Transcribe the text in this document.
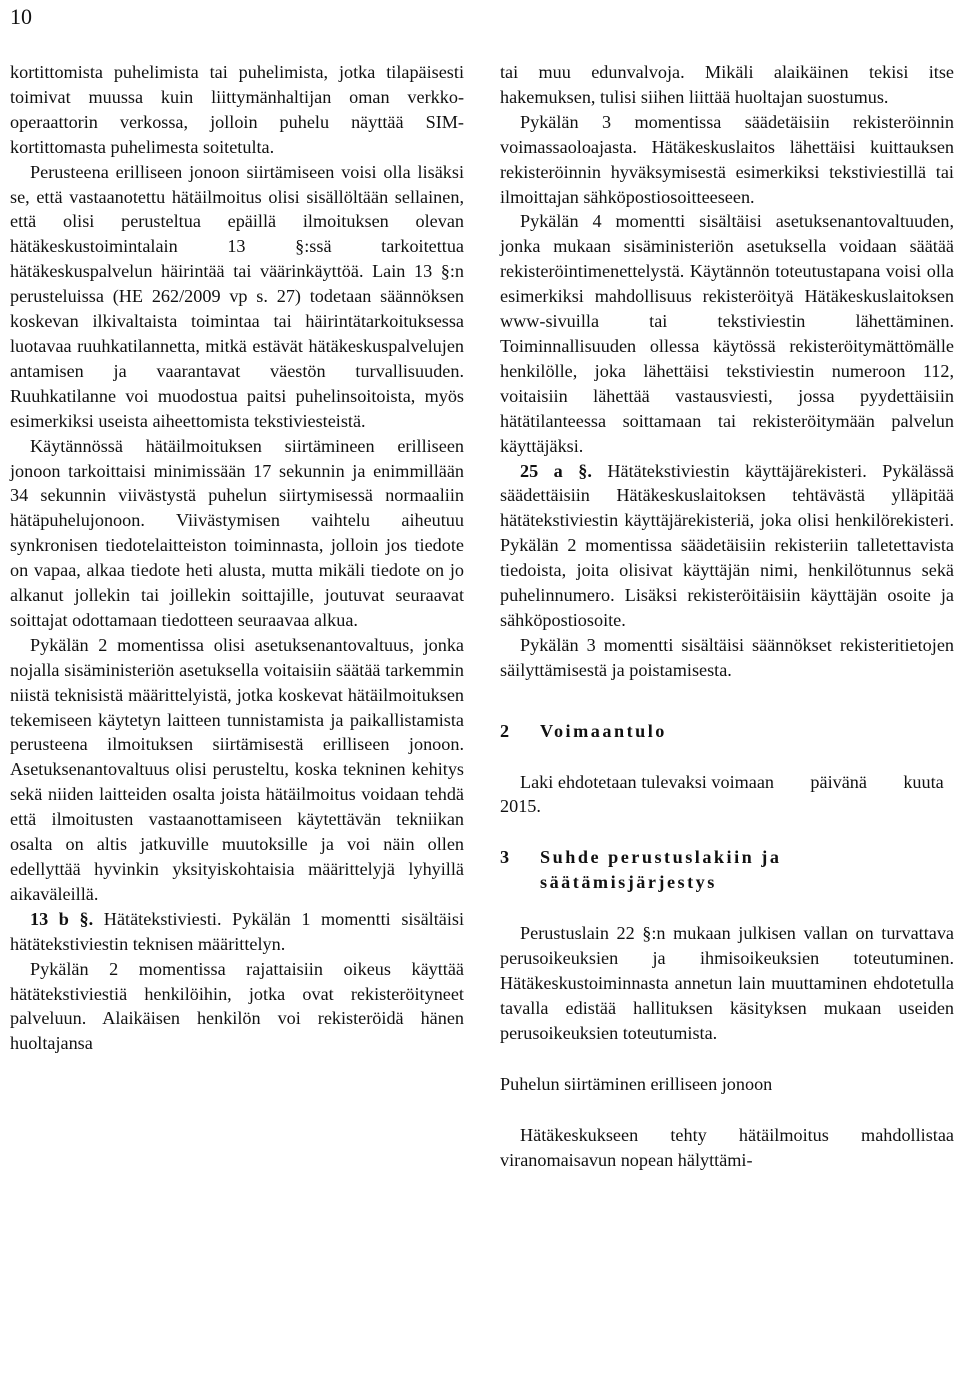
10

kortittomista puhelimista tai puhelimista, jotka tilapäisesti toimivat muussa kuin liittymänhaltijan oman verkko-operaattorin verkossa, jolloin puhelu näyttää SIM-kortittomasta puhelimesta soitetulta.

Perusteena erilliseen jonoon siirtämiseen voisi olla lisäksi se, että vastaanotettu hätäilmoitus olisi sisällöltään sellainen, että olisi perusteltua epäillä ilmoituksen olevan hätäkeskustoimintalain 13 §:ssä tarkoitettua hätäkeskuspalvelun häirintää tai väärinkäyttöä. Lain 13 §:n perusteluissa (HE 262/2009 vp s. 27) todetaan säännöksen koskevan ilkivaltaista toimintaa tai häirintätarkoituksessa luotavaa ruuhkatilannetta, mitkä estävät hätäkeskuspalvelujen antamisen ja vaarantavat väestön turvallisuuden. Ruuhkatilanne voi muodostua paitsi puhelinsoitoista, myös esimerkiksi useista aiheettomista tekstiviesteistä.

Käytännössä hätäilmoituksen siirtämineen erilliseen jonoon tarkoittaisi minimissään 17 sekunnin ja enimmillään 34 sekunnin viivästystä puhelun siirtymisessä normaaliin hätäpuhelujonoon. Viivästymisen vaihtelu aiheutuu synkronisen tiedotelaitteiston toiminnasta, jolloin jos tiedote on vapaa, alkaa tiedote heti alusta, mutta mikäli tiedote on jo alkanut jollekin tai joillekin soittajille, joutuvat seuraavat soittajat odottamaan tiedotteen seuraavaa alkua.

Pykälän 2 momentissa olisi asetuksenantovaltuus, jonka nojalla sisäministeriön asetuksella voitaisiin säätää tarkemmin niistä teknisistä määrittelyistä, jotka koskevat hätäilmoituksen tekemiseen käytetyn laitteen tunnistamista ja paikallistamista perusteena ilmoituksen siirtämisestä erilliseen jonoon. Asetuksenantovaltuus olisi perusteltu, koska tekninen kehitys sekä niiden laitteiden osalta joista hätäilmoitus voidaan tehdä että ilmoitusten vastaanottamiseen käytettävän tekniikan osalta on altis jatkuville muutoksille ja voi näin ollen edellyttää hyvinkin yksityiskohtaisia määrittelyjä lyhyillä aikaväleillä.

13 b §. Hätätekstiviesti. Pykälän 1 momentti sisältäisi hätätekstiviestin teknisen määrittelyn.

Pykälän 2 momentissa rajattaisiin oikeus käyttää hätätekstiviestiä henkilöihin, jotka ovat rekisteröityneet palveluun. Alaikäisen henkilön voi rekisteröidä hänen huoltajansa

tai muu edunvalvoja. Mikäli alaikäinen tekisi itse hakemuksen, tulisi siihen liittää huoltajan suostumus.

Pykälän 3 momentissa säädetäisiin rekisteröinnin voimassaoloajasta. Hätäkeskuslaitos lähettäisi kuittauksen rekisteröinnin hyväksymisestä esimerkiksi tekstiviestillä tai ilmoittajan sähköpostiosoitteeseen.

Pykälän 4 momentti sisältäisi asetuksenantovaltuuden, jonka mukaan sisäministeriön asetuksella voidaan säätää rekisteröintimenettelystä. Käytännön toteutustapana voisi olla esimerkiksi mahdollisuus rekisteröityä Hätäkeskuslaitoksen www-sivuilla tai tekstiviestin lähettäminen. Toiminnallisuuden ollessa käytössä rekisteröitymättömälle henkilölle, joka lähettäisi tekstiviestin numeroon 112, voitaisiin lähettää vastausviesti, jossa pyydettäisiin hätätilanteessa soittamaan tai rekisteröitymään palvelun käyttäjäksi.

25 a §. Hätätekstiviestin käyttäjärekisteri. Pykälässä säädettäisiin Hätäkeskuslaitoksen tehtävästä ylläpitää hätätekstiviestin käyttäjärekisteriä, joka olisi henkilörekisteri. Pykälän 2 momentissa säädetäisiin rekisteriin talletettavista tiedoista, joita olisivat käyttäjän nimi, henkilötunnus sekä puhelinnumero. Lisäksi rekisteröitäisiin käyttäjän osoite ja sähköpostiosoite.

Pykälän 3 momentti sisältäisi säännökset rekisteritietojen säilyttämisestä ja poistamisesta.

2	Voimaantulo

Laki ehdotetaan tulevaksi voimaan        päivänä        kuuta 2015.

3	Suhde perustuslakiin ja säätämisjärjestys

Perustuslain 22 §:n mukaan julkisen vallan on turvattava perusoikeuksien ja ihmisoikeuksien toteutuminen. Hätäkeskustoiminnasta annetun lain muuttaminen ehdotetulla tavalla edistää hallituksen käsityksen mukaan useiden perusoikeuksien toteutumista.

Puhelun siirtäminen erilliseen jonoon

Hätäkeskukseen tehty hätäilmoitus mahdollistaa viranomaisavun nopean hälyttämi-
